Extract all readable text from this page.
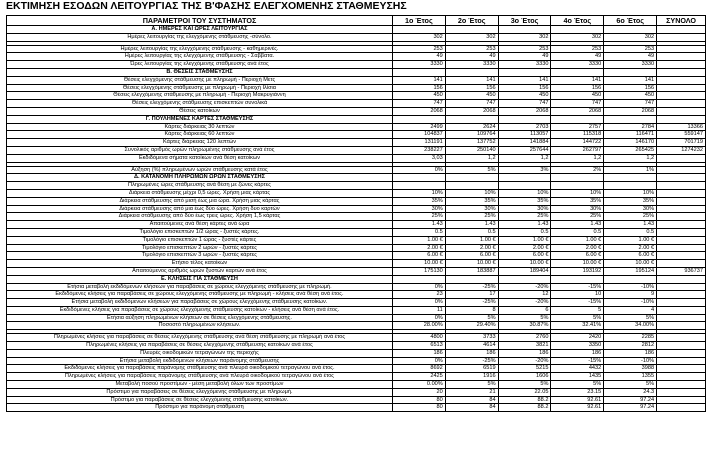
ΕΚΤΙΜΗΣΗ ΕΣΟΔΩΝ ΛΕΙΤΟΥΡΓΙΑΣ ΤΗΣ Β'ΦΑΣΗΣ ΕΛΕΓΧΟΜΕΝΗΣ ΣΤΑΘΜΕΥΣΗΣ
ΠΑΡΑΜΕΤΡΟΙ ΤΟΥ ΣΥΣΤΗΜΑΤΟΣ	1ο Έτος	2ο Έτος	3ο Έτος	4ο Έτος	6ο Έτος	ΣΥΝΟΛΟ
Α. ΗΜΕΡΕΣ ΚΑΙ ΩΡΕΣ ΛΕΙΤΟΥΡΓΙΑΣ						
Ημέρες λειτουργίας της ελεγχόμενης στάθμευσης -σύνολο.	302	302	302	302	302	

Ημέρες λειτουργίας της ελεγχόμενης στάθμευσης - καθημερινές.	253	253	253	253	253	
Ημέρες λειτουργίας της ελεγχόμενης στάθμευσης - Σαββατα.	49	49	49	49	49	
Ώρες λειτουργίας της ελεγχόμενης στάθμευσης ανά έτος	3330	3330	3330	3330	3330	
Β. ΘΕΣΕΙΣ ΣΤΑΘΜΕΥΣΗΣ						
Θέσεις ελεγχόμενης στάθμευσης με πληρωμή - Περιοχή Μετς	141	141	141	141	141	
Θέσεις ελεγχόμενης στάθμευσης με πληρωμή - Περιοχή Ιλίσια	156	156	156	156	156	
Θέσεις ελεγχόμενης στάθμευσης με πληρωμή - Περιοχή Μακρυγιάννη	450	450	450	450	450	
Θέσεις ελεγχόμενης στάθμευσης επισκεπτών συνολικά	747	747	747	747	747	
Θέσεις κατοίκων	2068	2068	2068	2068	2068	
Γ. ΠΟΥΛΗΜΕΝΕΣ ΚΑΡΤΕΣ ΣΤΑΘΜΕΥΣΗΣ						
Κάρτες διάρκειας 30 λεπτών	2499	2624	2703	2757	2784	13366
Κάρτες διάρκειας 60 λεπτών	104837	109764	113057	115318	116471	559147
Κάρτες διάρκειας 120 λεπτών	131191	137752	141884	144722	146170	701719
Συνολικός αριθμός ωρών πληρωμένης στάθμευσης ανά έτος	238227	250140	257644	262797	265425	1274232
Εκδιδόμενα σήματα κατοίκων ανά θέση κατοίκων	3,03	1,2	1,2	1,2	1,2	

Αύξηση (%) πληρωμένων ωρών στάθμευσης κατά έτος	0%	5%	3%	2%	1%	
Δ. ΚΑΤΑΝΟΜΗ ΠΛΗΡΩΜΩΝ ΩΡΩΝ ΣΤΑΘΜΕΥΣΗΣ						
Πληρωμένες ώρες στάθμευσης ανά θέση με ζώνες κάρτες						
Διάρκεια στάθμευσης μέχρι 0,5 ώρες. Χρήση μιας κάρτας	10%	10%	10%	10%	10%	
Διάρκεια στάθμευσης από μισή έως μια ώρα. Χρήση μιας κάρτας	35%	35%	35%	35%	35%	
Διάρκεια στάθμευσης από μια έως δύο ώρες. Χρήση δυο καρτών	30%	30%	30%	30%	30%	
Διάρκεια στάθμευσης από δύο έως τρεις ώρες. Χρήση 1,5 κάρτας	25%	25%	25%	25%	25%	
Απαιτούμενες ανά θέση κάρτες ανά ώρα	1.43	1.43	1.43	1.43	1.43	
Τιμολόγιο επισκεπτών 1/2 ώρας - ξυστές κάρτες.	0.5	0.5	0.5	0.5	0.5	
Τιμολόγιο επισκεπτών 1 ώρας - ξυστές κάρτες	1.00 €	1.00 €	1.00 €	1.00 €	1.00 €	
Τιμολόγιο επισκεπτών 2 ωρών - ξυστές κάρτες	2.00 €	2.00 €	2.00 €	2.00 €	2.00 €	
Τιμολόγιο επισκεπτών 3 ωρών - ξυστές κάρτες	6.00 €	6.00 €	6.00 €	6.00 €	6.00 €	
Ετήσιο τέλος κατοίκων	10.00 €	10.00 €	10.00 €	10.00 €	10.00 €	
Απαιτούμενος αριθμός ωρών ξυστών καρτών ανά έτος	175130	183887	189404	193192	195124	936737
Ε. ΚΛΗΣΕΙΣ ΓΙΑ ΣΤΑΘΜΕΥΣΗ						
Ετήσια μεταβολή εκδιδόμενων κλήσεων για παραβάσεις σε χώρους ελεγχόμενης στάθμευσης με πληρωμή.	0%	-25%	-20%	-15%	-10%	
Εκδιδόμενες κλήσεις για παραβάσεις σε χώρους ελεγχόμενης στάθμευσης με πληρωμή - κλήσεις ανά θέση ανά έτος.	23	17	12	10	9	
Ετήσια μεταβολή εκδιδόμενων κλήσεων για παραβάσεις σε χώρους ελεγχόμενης στάθμευσης κατοίκων.	0%	-25%	-20%	-15%	-10%	
Εκδιδόμενες κλήσεις για παραβάσεις σε χώρους ελεγχόμενης στάθμευσης κατοίκων - κλήσεις ανά θέση ανά έτος.	11	8	6	5	4	
Ετήσια αύξηση πληρωμένων κλήσεων σε θέσεις ελεγχόμενης στάθμευσης.	0%	5%	5%	5%	5%	
Ποσοστό πληρωμένων κλήσεων.	28.00%	29.40%	30.87%	32.41%	34.00%	

Πληρωμένες κλήσεις για παραβάσεις σε θέσεις ελεγχόμενης στάθμευσης ανά θέση στάθμευσης με πληρωμή ανά έτος	4800	3733	2760	2420	2285	
Πληρωμένες κλήσεις για παραβάσεις σε θέσεις ελεγχόμενης στάθμευσης κατοίκων ανά έτος	6513	4614	3821	3350	2812	
Πλευρές οικοδομικών τετραγώνων της περιοχής	186	186	186	186	186	
Ετήσια μεταβολή εκδιδόμενων κλήσεων παράνομης στάθμευσης	0%	-25%	-20%	-15%	-10%	
Εκδιδόμενες κλήσεις για παραβάσεις παράνομης στάθμευσης ανά πλευρά οικοδομικού τετραγώνου ανά έτος.	8692	6519	5215	4432	3988	
Πληρωμένες κλήσεις για παραβάσεις παράνομης στάθμευσης ανά πλευρά οικοδομικού τετραγώνου ανά έτος	2425	1916	1606	1435	1355	
Μεταβολή ποσού προστίμων - μέση μεταβολή όλων των προστίμων	0.00%	5%	5%	5%	5%	
Πρόστιμο για παραβάσεις σε θέσεις ελεγχόμενης στάθμευσης με πληρωμή.	20	21	22.05	23.15	24.3	
Πρόστιμο για παραβάσεις σε θέσεις ελεγχόμενης στάθμευσης κατοίκων.	80	84	88.2	92.61	97.24	
Πρόστιμο για παράνομη στάθμευση	80	84	88.2	92.61	97.24	
